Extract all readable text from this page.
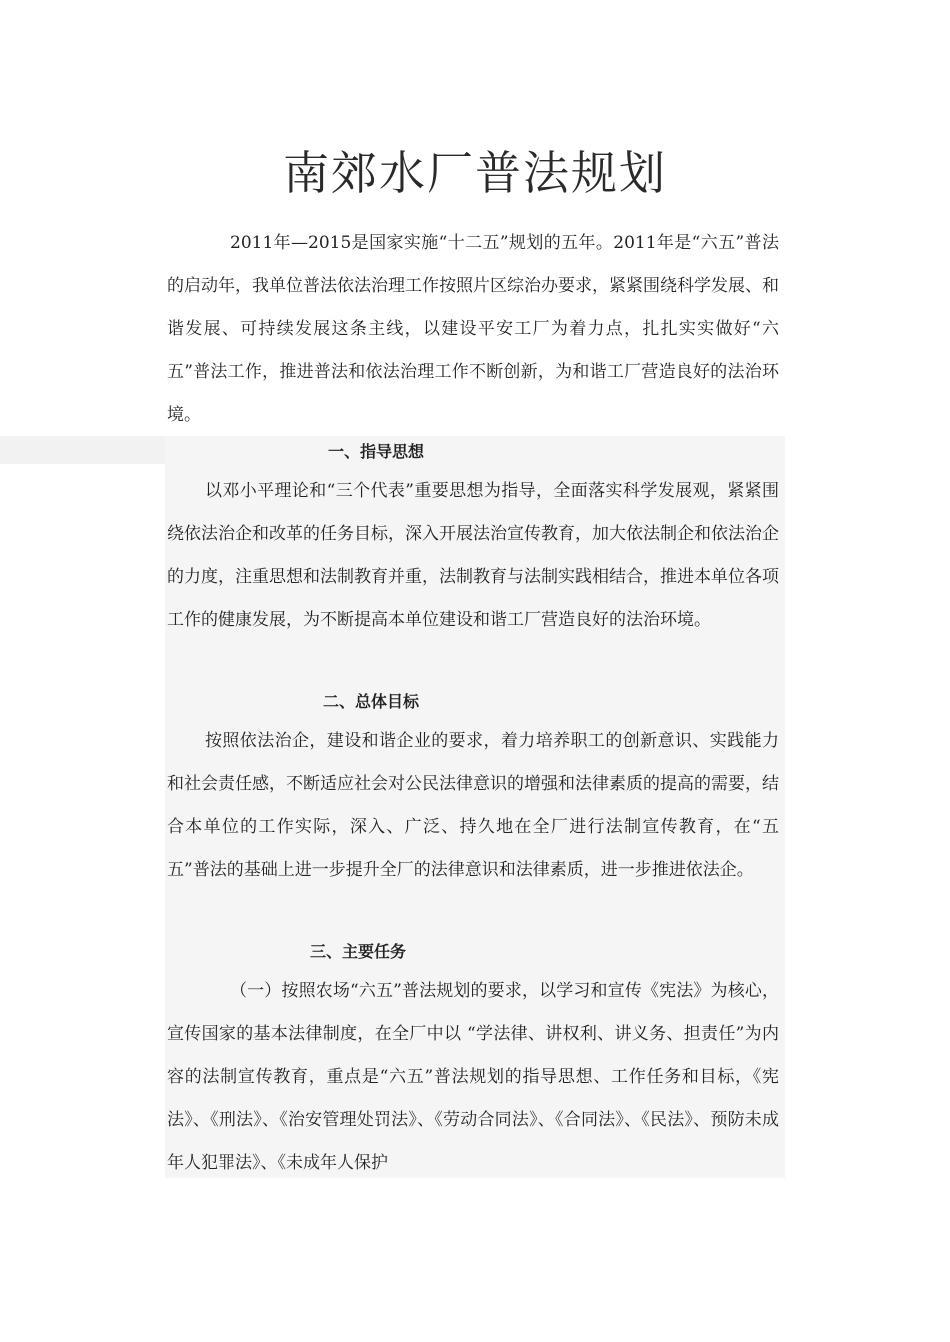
南郊水厂普法规划

2011年—2015是国家实施“十二五”规划的五年。2011年是“六五”普法的启动年，我单位普法依法治理工作按照片区综治办要求，紧紧围绕科学发展、和谐发展、可持续发展这条主线，以建设平安工厂为着力点，扎扎实实做好“六五”普法工作，推进普法和依法治理工作不断创新，为和谐工厂营造良好的法治环境。

一、指导思想

以邓小平理论和“三个代表”重要思想为指导，全面落实科学发展观，紧紧围绕依法治企和改革的任务目标，深入开展法治宣传教育，加大依法制企和依法治企的力度，注重思想和法制教育并重，法制教育与法制实践相结合，推进本单位各项工作的健康发展，为不断提高本单位建设和谐工厂营造良好的法治环境。

二、总体目标

按照依法治企，建设和谐企业的要求，着力培养职工的创新意识、实践能力和社会责任感，不断适应社会对公民法律意识的增强和法律素质的提高的需要，结合本单位的工作实际，深入、广泛、持久地在全厂进行法制宣传教育，在“五五”普法的基础上进一步提升全厂的法律意识和法律素质，进一步推进依法企。

三、主要任务

（一）按照农场“六五”普法规划的要求，以学习和宣传《宪法》为核心，宣传国家的基本法律制度，在全厂中以 “学法律、讲权利、讲义务、担责任”为内容的法制宣传教育，重点是“六五”普法规划的指导思想、工作任务和目标，《宪法》、《刑法》、《治安管理处罚法》、《劳动合同法》、《合同法》、《民法》、预防未成年人犯罪法》、《未成年人保护
